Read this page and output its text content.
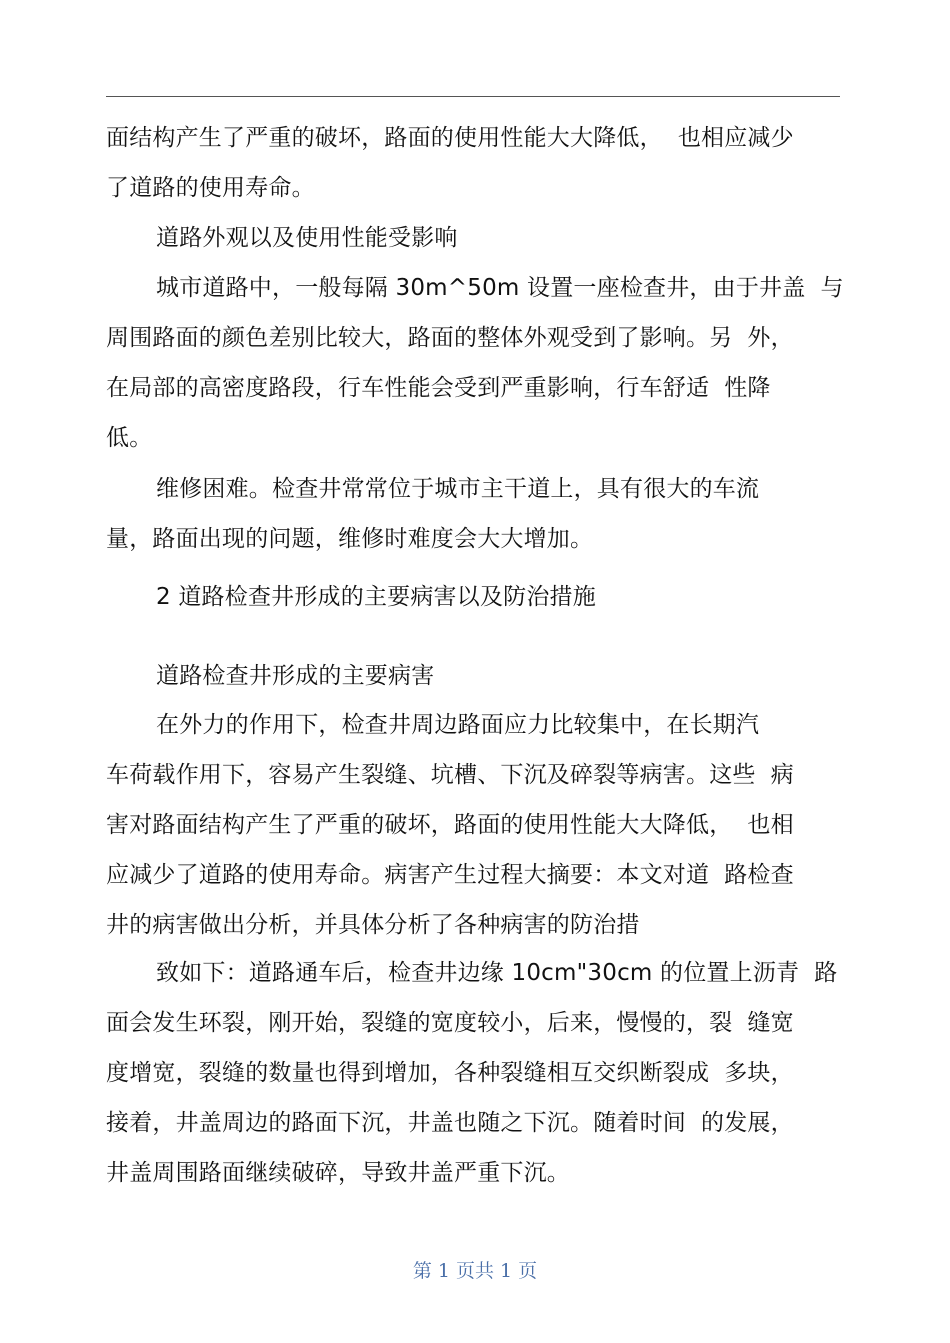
面结构产生了严重的破坏，路面的使用性能大大降低，  也相应减少
了道路的使用寿命。
道路外观以及使用性能受影响
城市道路中，一般每隔 30m^50m 设置一座检查井，由于井盖  与
周围路面的颜色差别比较大，路面的整体外观受到了影响。另  外，
在局部的高密度路段，行车性能会受到严重影响，行车舒适  性降
低。
维修困难。检查井常常位于城市主干道上，具有很大的车流
量，路面出现的问题，维修时难度会大大增加。
2 道路检查井形成的主要病害以及防治措施
道路检查井形成的主要病害
在外力的作用下，检查井周边路面应力比较集中，在长期汽
车荷载作用下，容易产生裂缝、坑槽、下沉及碎裂等病害。这些  病
害对路面结构产生了严重的破坏，路面的使用性能大大降低，  也相
应减少了道路的使用寿命。病害产生过程大摘要：本文对道  路检查
井的病害做出分析，并具体分析了各种病害的防治措
致如下：道路通车后，检查井边缘 10cm"30cm 的位置上沥青  路
面会发生环裂，刚开始，裂缝的宽度较小，后来，慢慢的，裂  缝宽
度增宽，裂缝的数量也得到增加，各种裂缝相互交织断裂成  多块，
接着，井盖周边的路面下沉，井盖也随之下沉。随着时间  的发展，
井盖周围路面继续破碎，导致井盖严重下沉。
第 1 页共 1 页
